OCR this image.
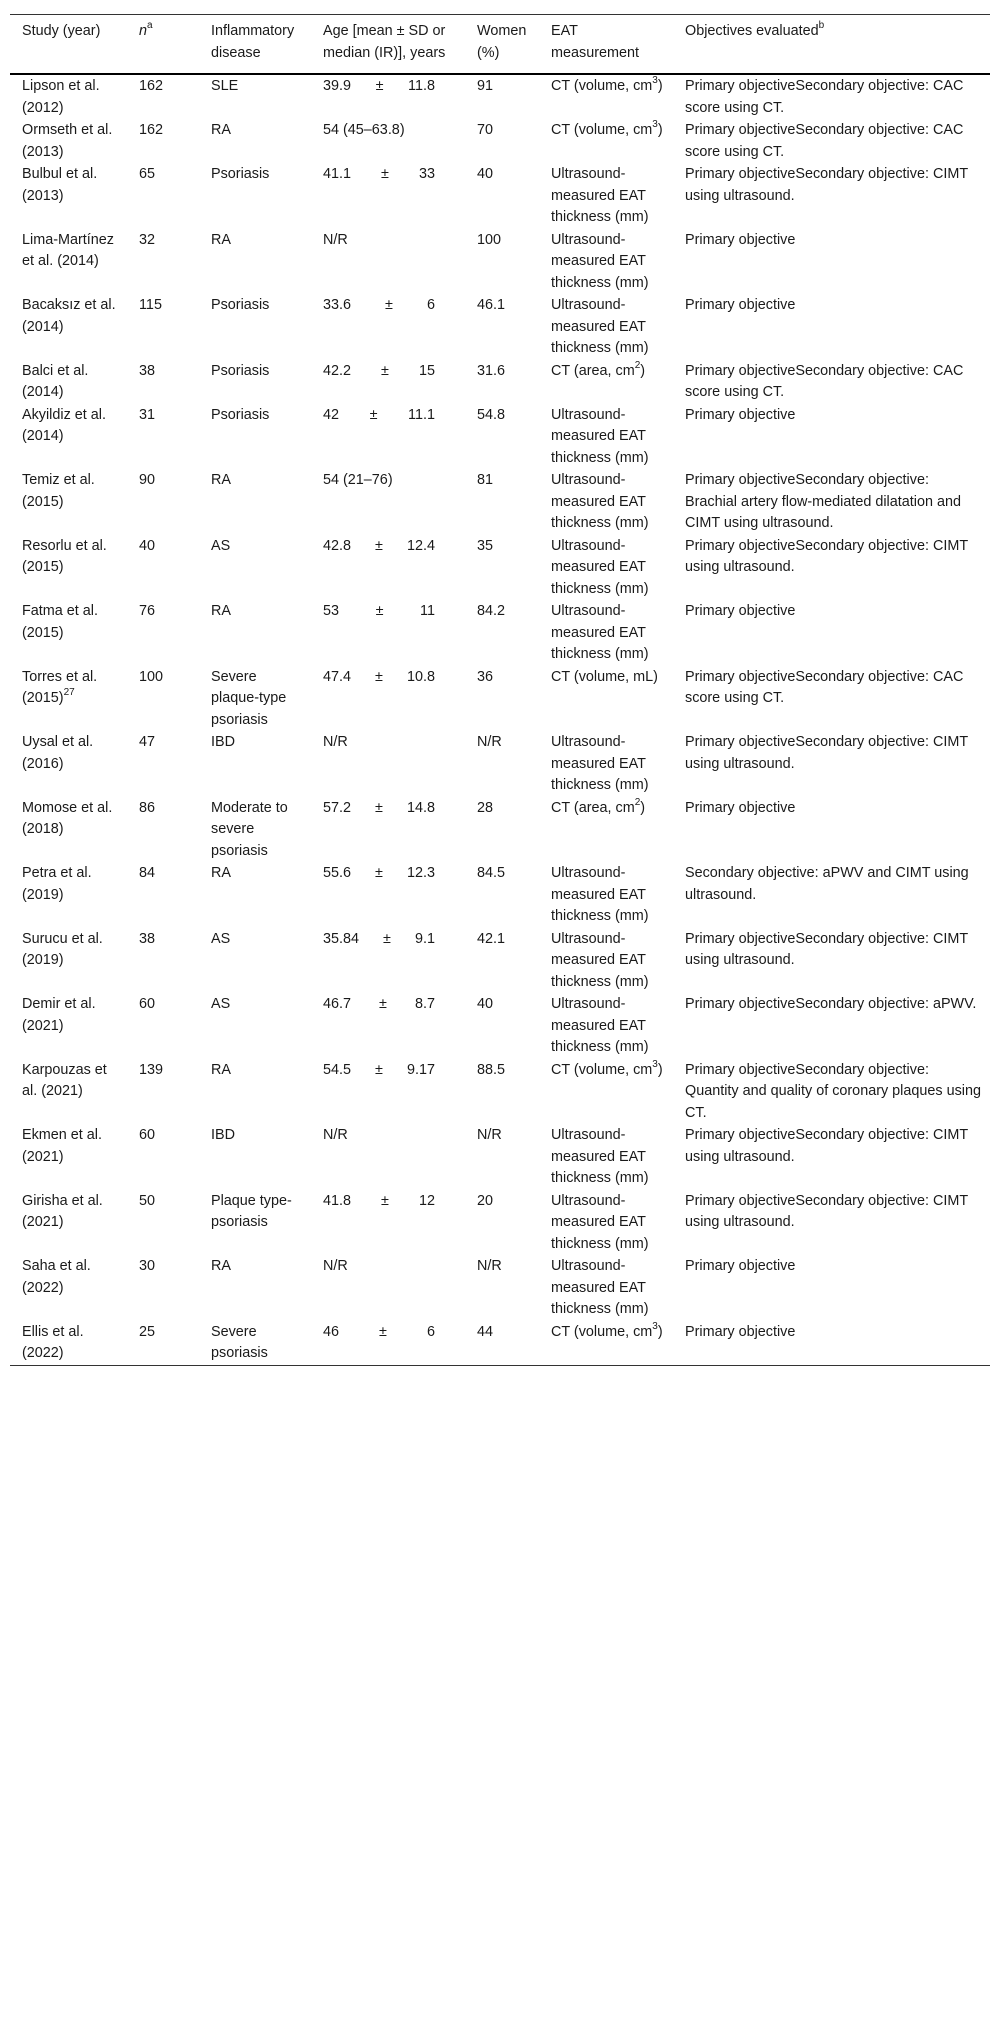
Study (year)	$n^a$	Inflammatory disease	Age [mean ± SD or median (IR)], years	Women (%)	EAT measurement	Objectives evaluated$^b$
Lipson et al. (2012)	162	SLE	39.9 ± 11.8	91	CT (volume, $cm^3$)	Primary objectiveSecondary objective: CAC score using CT.
Ormseth et al. (2013)	162	RA	54 (45–63.8)	70	CT (volume, $cm^3$)	Primary objectiveSecondary objective: CAC score using CT.
Bulbul et al. (2013)	65	Psoriasis	41.1 ± 33	40	Ultrasound-measured EAT thickness (mm)	Primary objectiveSecondary objective: CIMT using ultrasound.
Lima-Martínez et al. (2014)	32	RA	N/R	100	Ultrasound-measured EAT thickness (mm)	Primary objective
Bacaksız et al. (2014)	115	Psoriasis	33.6 ± 6	46.1	Ultrasound-measured EAT thickness (mm)	Primary objective
Balci et al. (2014)	38	Psoriasis	42.2 ± 15	31.6	CT (area, $cm^2$)	Primary objectiveSecondary objective: CAC score using CT.
Akyildiz et al. (2014)	31	Psoriasis	42 ± 11.1	54.8	Ultrasound-measured EAT thickness (mm)	Primary objective
Temiz et al. (2015)	90	RA	54 (21–76)	81	Ultrasound-measured EAT thickness (mm)	Primary objectiveSecondary objective: Brachial artery flow-mediated dilatation and CIMT using ultrasound.
Resorlu et al. (2015)	40	AS	42.8 ± 12.4	35	Ultrasound-measured EAT thickness (mm)	Primary objectiveSecondary objective: CIMT using ultrasound.
Fatma et al. (2015)	76	RA	53 ± 11	84.2	Ultrasound-measured EAT thickness (mm)	Primary objective
Torres et al. $(2015)^{27}$	100	Severe plaque-type psoriasis	47.4 ± 10.8	36	CT (volume, mL)	Primary objectiveSecondary objective: CAC score using CT.
Uysal et al. (2016)	47	IBD	N/R	N/R	Ultrasound-measured EAT thickness (mm)	Primary objectiveSecondary objective: CIMT using ultrasound.
Momose et al. (2018)	86	Moderate to severe psoriasis	57.2 ± 14.8	28	CT (area, $cm^2$)	Primary objective
Petra et al. (2019)	84	RA	55.6 ± 12.3	84.5	Ultrasound-measured EAT thickness (mm)	Secondary objective: aPWV and CIMT using ultrasound.
Surucu et al. (2019)	38	AS	35.84 ± 9.1	42.1	Ultrasound-measured EAT thickness (mm)	Primary objectiveSecondary objective: CIMT using ultrasound.
Demir et al. (2021)	60	AS	46.7 ± 8.7	40	Ultrasound-measured EAT thickness (mm)	Primary objectiveSecondary objective: aPWV.
Karpouzas et al. (2021)	139	RA	54.5 ± 9.17	88.5	CT (volume, $cm^3$)	Primary objectiveSecondary objective: Quantity and quality of coronary plaques using CT.
Ekmen et al. (2021)	60	IBD	N/R	N/R	Ultrasound-measured EAT thickness (mm)	Primary objectiveSecondary objective: CIMT using ultrasound.
Girisha et al. (2021)	50	Plaque type-psoriasis	41.8 ± 12	20	Ultrasound-measured EAT thickness (mm)	Primary objectiveSecondary objective: CIMT using ultrasound.
Saha et al. (2022)	30	RA	N/R	N/R	Ultrasound-measured EAT thickness (mm)	Primary objective
Ellis et al. (2022)	25	Severe psoriasis	46 ± 6	44	CT (volume, $cm^3$)	Primary objective
